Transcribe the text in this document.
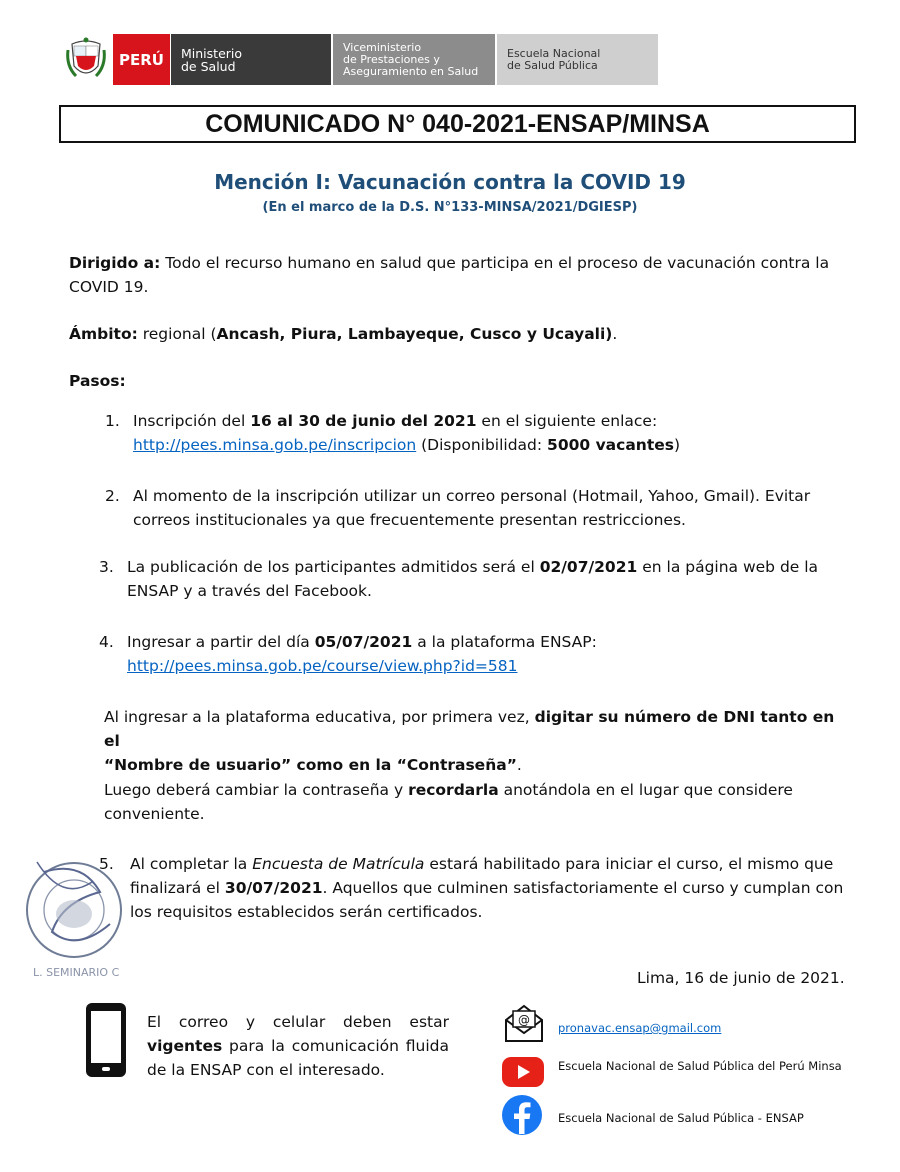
PERÚ Ministerio
de Salud
Viceministerio
de Prestaciones y
Aseguramiento en Salud
Escuela Nacional
de Salud Pública
COMUNICADO N° 040-2021-ENSAP/MINSA
Mención I: Vacunación contra la COVID 19
(En el marco de la D.S. N°133-MINSA/2021/DGIESP)
Dirigido a: Todo el recurso humano en salud que participa en el proceso de vacunación contra la
COVID 19.
Ámbito: regional (Ancash, Piura, Lambayeque, Cusco y Ucayali).
Pasos:
1. Inscripción del 16 al 30 de junio del 2021 en el siguiente enlace:
http://pees.minsa.gob.pe/inscripcion (Disponibilidad: 5000 vacantes)
2. Al momento de la inscripción utilizar un correo personal (Hotmail, Yahoo, Gmail). Evitar
correos institucionales ya que frecuentemente presentan restricciones.
3. La publicación de los participantes admitidos será el 02/07/2021 en la página web de la
ENSAP y a través del Facebook.
4. Ingresar a partir del día 05/07/2021 a la plataforma ENSAP:
http://pees.minsa.gob.pe/course/view.php?id=581
Al ingresar a la plataforma educativa, por primera vez, digitar su número de DNI tanto en el
“Nombre de usuario” como en la “Contraseña”.
Luego deberá cambiar la contraseña y recordarla anotándola en el lugar que considere
conveniente.
L. SEMINARIO C
5. Al completar la Encuesta de Matrícula estará habilitado para iniciar el curso, el mismo que
finalizará el 30/07/2021. Aquellos que culminen satisfactoriamente el curso y cumplan con
los requisitos establecidos serán certificados.
Lima, 16 de junio de 2021.
El correo y celular deben estar vigentes para la comunicación fluida de la ENSAP con el interesado.
@
pronavac.ensap@gmail.com
Escuela Nacional de Salud Pública del Perú Minsa
Escuela Nacional de Salud Pública - ENSAP
